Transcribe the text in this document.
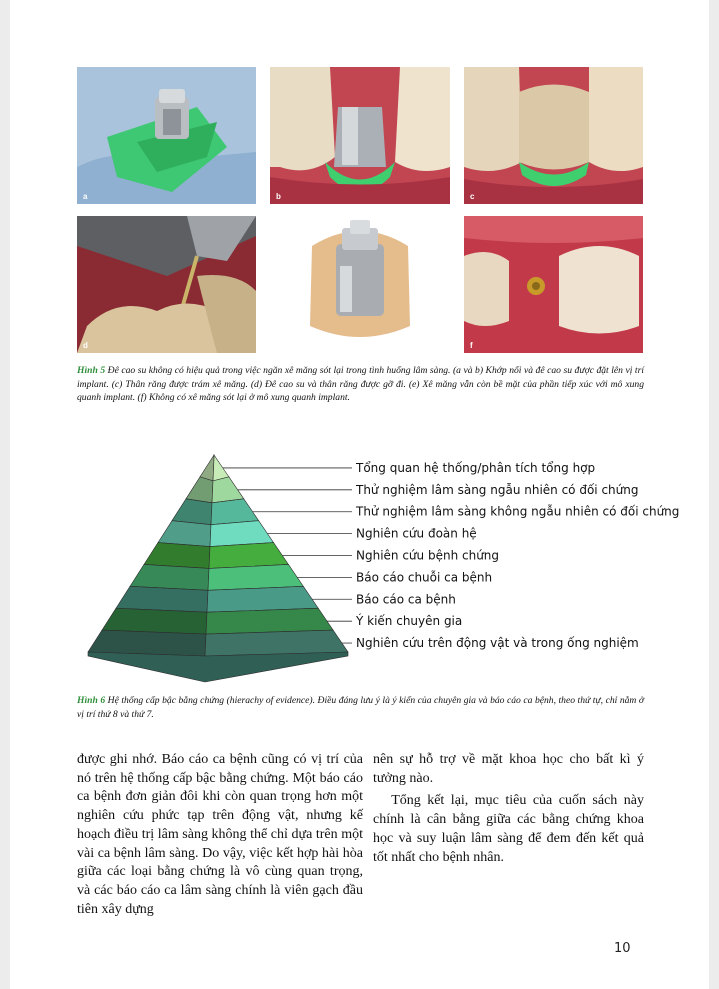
a	b	c
d	e	f
Hình 5 Đê cao su không có hiệu quả trong việc ngăn xê măng sót lại trong tình huống lâm sàng. (a và b) Khớp nối và đê cao su được đặt lên vị trí implant. (c) Thân răng được trám xê măng. (d) Đê cao su và thân răng được gỡ đi. (e) Xê măng vẫn còn bề mặt của phần tiếp xúc với mô xung quanh implant. (f) Không có xê măng sót lại ở mô xung quanh implant.
Tổng quan hệ thống/phân tích tổng hợp
Thử nghiệm lâm sàng ngẫu nhiên có đối chứng
Thử nghiệm lâm sàng không ngẫu nhiên có đối chứng
Nghiên cứu đoàn hệ
Nghiên cứu bệnh chứng
Báo cáo chuỗi ca bệnh
Báo cáo ca bệnh
Ý kiến chuyên gia
Nghiên cứu trên động vật và trong ống nghiệm
Hình 6 Hệ thống cấp bậc bằng chứng (hierachy of evidence). Điều đáng lưu ý là ý kiến của chuyên gia và báo cáo ca bệnh, theo thứ tự, chỉ nằm ở vị trí thứ 8 và thứ 7.

được ghi nhớ. Báo cáo ca bệnh cũng có vị trí của nó trên hệ thống cấp bậc bằng chứng. Một báo cáo ca bệnh đơn giản đôi khi còn quan trọng hơn một nghiên cứu phức tạp trên động vật, nhưng kế hoạch điều trị lâm sàng không thể chỉ dựa trên một vài ca bệnh lâm sàng. Do vậy, việc kết hợp hài hòa giữa các loại bằng chứng là vô cùng quan trọng, và các báo cáo ca lâm sàng chính là viên gạch đầu tiên xây dựng

nên sự hỗ trợ về mặt khoa học cho bất kì ý tưởng nào.

Tổng kết lại, mục tiêu của cuốn sách này chính là cân bằng giữa các bằng chứng khoa học và suy luận lâm sàng để đem đến kết quả tốt nhất cho bệnh nhân.

10
